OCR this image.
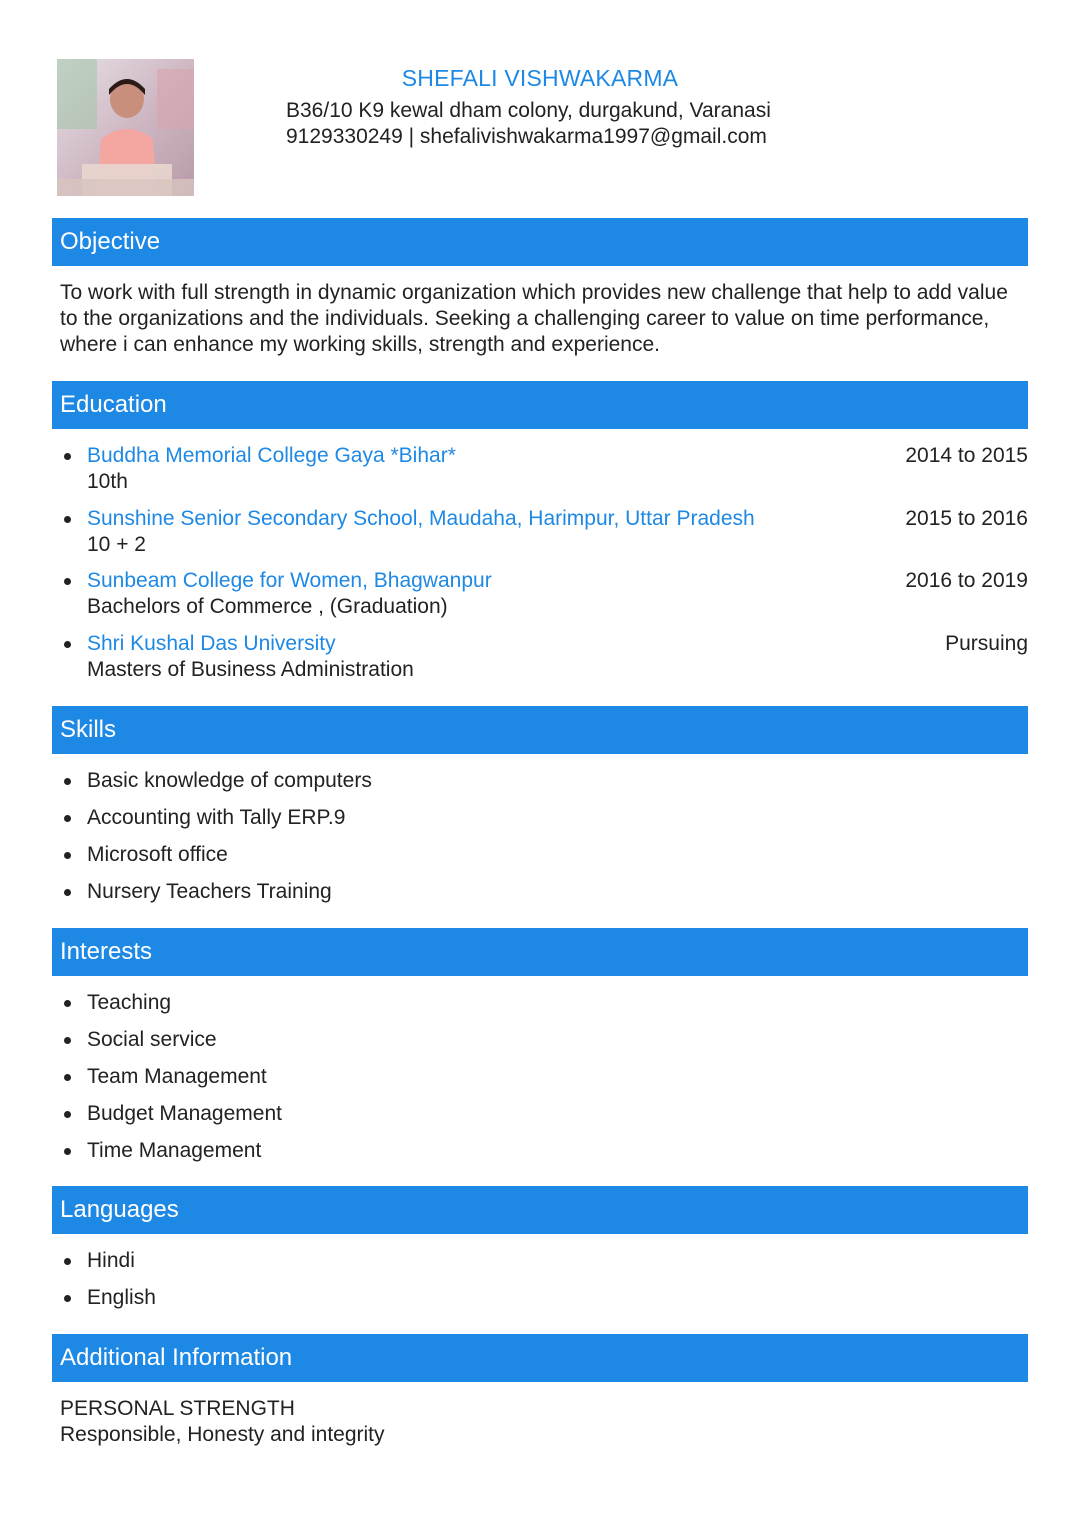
SHEFALI VISHWAKARMA
B36/10 K9 kewal dham colony, durgakund, Varanasi
9129330249 | shefalivishwakarma1997@gmail.com
Objective
To work with full strength in dynamic organization which provides new challenge that help to add value to the organizations and the individuals. Seeking a challenging career to value on time performance, where i can enhance my working skills, strength and experience.
Education
Buddha Memorial College Gaya *Bihar*
10th
2014 to 2015
Sunshine Senior Secondary School, Maudaha, Harimpur, Uttar Pradesh
10 + 2
2015 to 2016
Sunbeam College for Women, Bhagwanpur
Bachelors of Commerce , (Graduation)
2016 to 2019
Shri Kushal Das University
Masters of Business Administration
Pursuing
Skills
Basic knowledge of computers
Accounting with Tally ERP.9
Microsoft office
Nursery Teachers Training
Interests
Teaching
Social service
Team Management
Budget Management
Time Management
Languages
Hindi
English
Additional Information
PERSONAL STRENGTH
Responsible, Honesty and integrity
